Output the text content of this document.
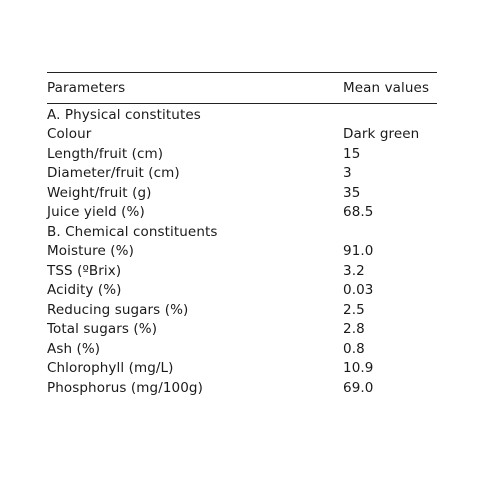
Parameters	Mean values
A. Physical constitutes
Colour	Dark green
Length/fruit (cm)	15
Diameter/fruit (cm)	3
Weight/fruit (g)	35
Juice yield (%)	68.5
B. Chemical constituents
Moisture (%)	91.0
TSS (ºBrix)	3.2
Acidity (%)	0.03
Reducing sugars (%)	2.5
Total sugars (%)	2.8
Ash (%)	0.8
Chlorophyll (mg/L)	10.9
Phosphorus (mg/100g)	69.0
